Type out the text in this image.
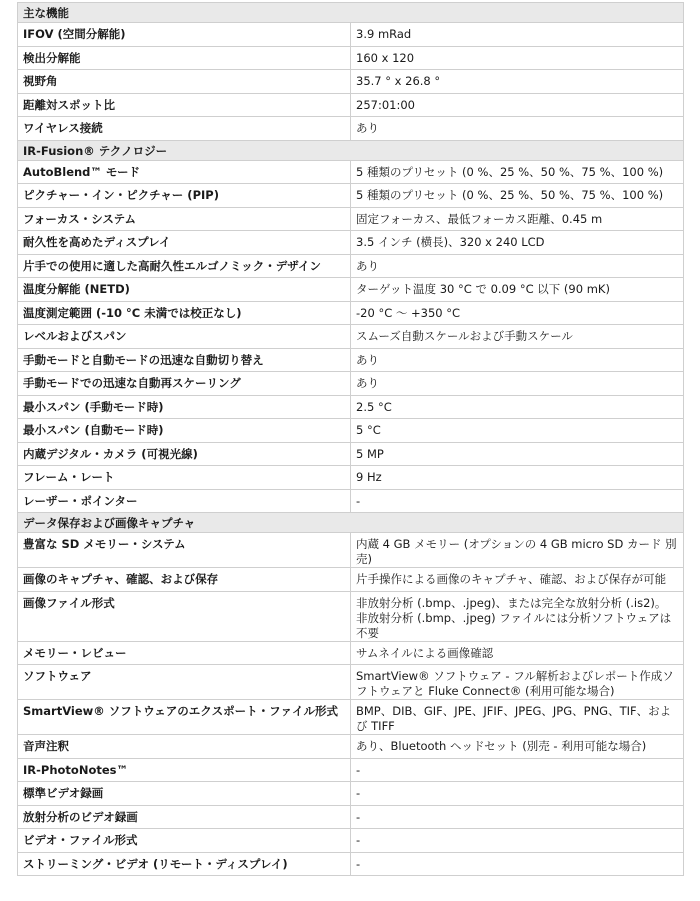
主な機能	
IFOV (空間分解能)	3.9 mRad

検出分解能	160 x 120

視野角	35.7 ° x 26.8 °

距離対スポット比	257:01:00

ワイヤレス接続	あり

IR-Fusion® テクノロジー	
AutoBlend™ モード	5 種類のプリセット (0 %、25 %、50 %、75 %、100 %)

ピクチャー・イン・ピクチャー (PIP)	5 種類のプリセット (0 %、25 %、50 %、75 %、100 %)

フォーカス・システム	固定フォーカス、最低フォーカス距離、0.45 m

耐久性を高めたディスプレイ	3.5 インチ (横長)、320 x 240 LCD

片手での使用に適した高耐久性エルゴノミック・デザイン	あり

温度分解能 (NETD)	ターゲット温度 30 °C で 0.09 °C 以下 (90 mK)

温度測定範囲 (-10 °C 未満では校正なし)	-20 °C ～ +350 °C

レベルおよびスパン	スムーズ自動スケールおよび手動スケール

手動モードと自動モードの迅速な自動切り替え	あり

手動モードでの迅速な自動再スケーリング	あり

最小スパン (手動モード時)	2.5 °C

最小スパン (自動モード時)	5 °C

内蔵デジタル・カメラ (可視光線)	5 MP

フレーム・レート	9 Hz

レーザー・ポインター	-

データ保存および画像キャプチャ	
豊富な SD メモリー・システム	内蔵 4 GB メモリー (オプションの 4 GB micro SD カード 別売)

画像のキャプチャ、確認、および保存	片手操作による画像のキャプチャ、確認、および保存が可能

画像ファイル形式	非放射分析 (.bmp、.jpeg)、または完全な放射分析 (.is2)。
非放射分析 (.bmp、.jpeg) ファイルには分析ソフトウェアは不要

メモリー・レビュー	サムネイルによる画像確認

ソフトウェア	SmartView® ソフトウェア - フル解析およびレポート作成ソフトウェアと Fluke Connect® (利用可能な場合)

SmartView® ソフトウェアのエクスポート・ファイル形式	BMP、DIB、GIF、JPE、JFIF、JPEG、JPG、PNG、TIF、および TIFF

音声注釈	あり、Bluetooth ヘッドセット (別売 - 利用可能な場合)

IR-PhotoNotes™	-

標準ビデオ録画	-

放射分析のビデオ録画	-

ビデオ・ファイル形式	-

ストリーミング・ビデオ (リモート・ディスプレイ)	-
